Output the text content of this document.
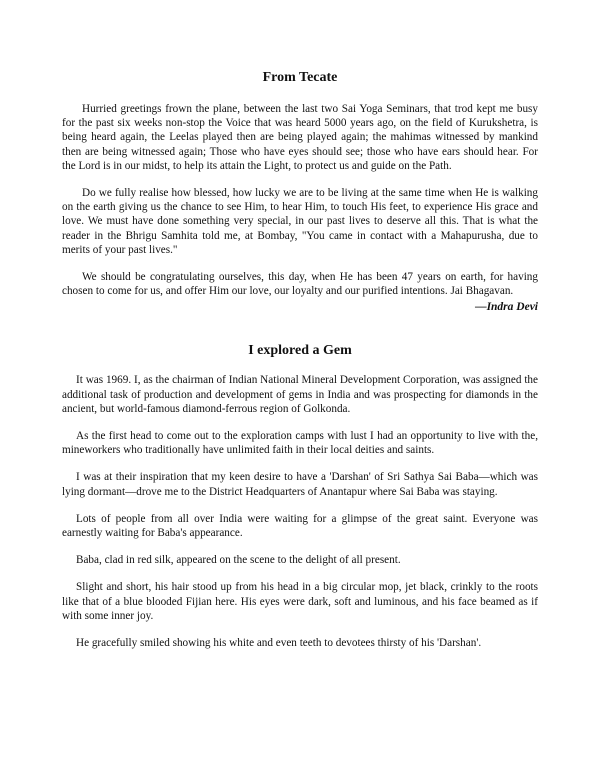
From Tecate

Hurried greetings frown the plane, between the last two Sai Yoga Seminars, that trod kept me busy for the past six weeks non-stop the Voice that was heard 5000 years ago, on the field of Kurukshetra, is being heard again, the Leelas played then are being played again; the mahimas witnessed by mankind then are being witnessed again; Those who have eyes should see; those who have ears should hear. For the Lord is in our midst, to help its attain the Light, to protect us and guide on the Path.

Do we fully realise how blessed, how lucky we are to be living at the same time when He is walking on the earth giving us the chance to see Him, to hear Him, to touch His feet, to experience His grace and love. We must have done something very special, in our past lives to deserve all this. That is what the reader in the Bhrigu Samhita told me, at Bombay, "You came in contact with a Mahapurusha, due to merits of your past lives."

We should be congratulating ourselves, this day, when He has been 47 years on earth, for having chosen to come for us, and offer Him our love, our loyalty and our purified intentions. Jai Bhagavan.

—Indra Devi

I explored a Gem

It was 1969. I, as the chairman of Indian National Mineral Development Corporation, was assigned the additional task of production and development of gems in India and was prospecting for diamonds in the ancient, but world-famous diamond-ferrous region of Golkonda.

As the first head to come out to the exploration camps with lust I had an opportunity to live with the, mineworkers who traditionally have unlimited faith in their local deities and saints.

I was at their inspiration that my keen desire to have a 'Darshan' of Sri Sathya Sai Baba—which was lying dormant—drove me to the District Headquarters of Anantapur where Sai Baba was staying.

Lots of people from all over India were waiting for a glimpse of the great saint. Everyone was earnestly waiting for Baba's appearance.

Baba, clad in red silk, appeared on the scene to the delight of all present.

Slight and short, his hair stood up from his head in a big circular mop, jet black, crinkly to the roots like that of a blue blooded Fijian here. His eyes were dark, soft and luminous, and his face beamed as if with some inner joy.

He gracefully smiled showing his white and even teeth to devotees thirsty of his 'Darshan'.
